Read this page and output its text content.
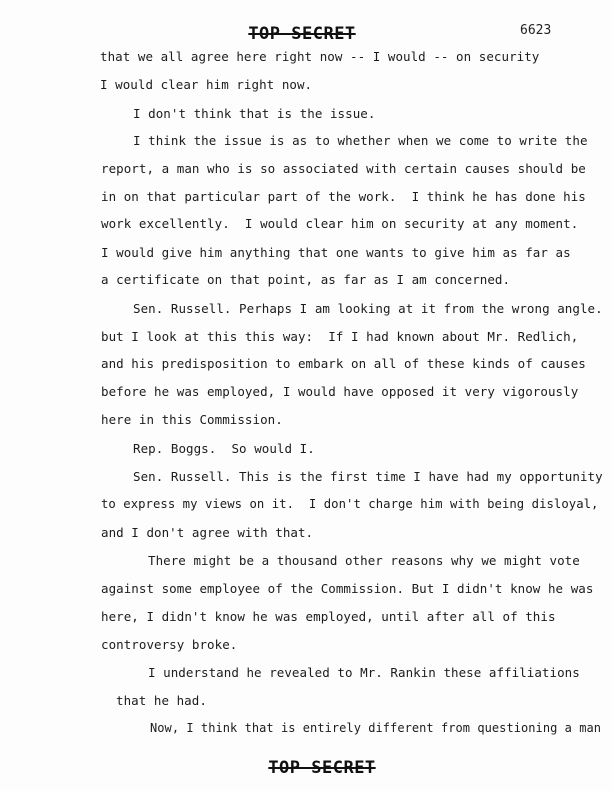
TOP SECRET	6623
that we all agree here right now -- I would -- on security
I would clear him right now.
I don't think that is the issue.
I think the issue is as to whether when we come to write the
report, a man who is so associated with certain causes should be
in on that particular part of the work.  I think he has done his
work excellently.  I would clear him on security at any moment.
I would give him anything that one wants to give him as far as
a certificate on that point, as far as I am concerned.
Sen. Russell. Perhaps I am looking at it from the wrong angle.
but I look at this this way:  If I had known about Mr. Redlich,
and his predisposition to embark on all of these kinds of causes
before he was employed, I would have opposed it very vigorously
here in this Commission.
Rep. Boggs.  So would I.
Sen. Russell. This is the first time I have had my opportunity
to express my views on it.  I don't charge him with being disloyal,
and I don't agree with that.
There might be a thousand other reasons why we might vote
against some employee of the Commission. But I didn't know he was
here, I didn't know he was employed, until after all of this
controversy broke.
I understand he revealed to Mr. Rankin these affiliations
that he had.
Now, I think that is entirely different from questioning a man
TOP SECRET
